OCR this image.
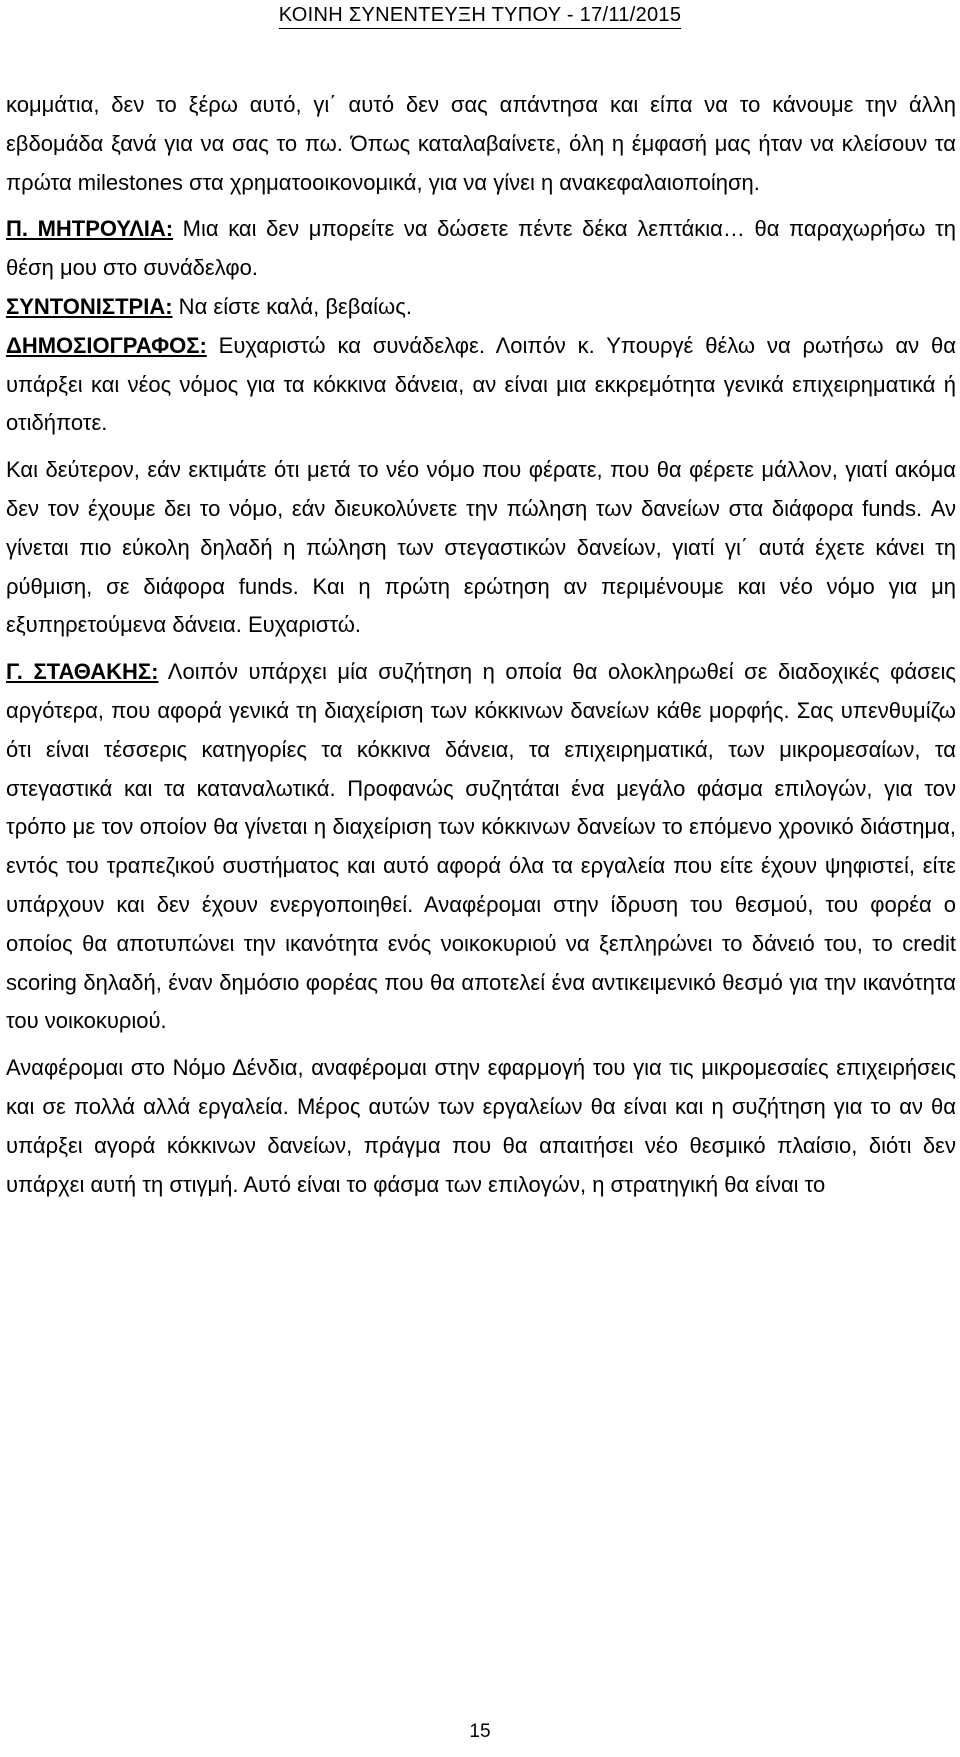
ΚΟΙΝΗ ΣΥΝΕΝΤΕΥΞΗ ΤΥΠΟΥ - 17/11/2015

κομμάτια, δεν το ξέρω αυτό, γι΄ αυτό δεν σας απάντησα και είπα να το κάνουμε την άλλη εβδομάδα ξανά για να σας το πω. Όπως καταλαβαίνετε, όλη η έμφασή μας ήταν να κλείσουν τα πρώτα milestones στα χρηματοοικονομικά, για να γίνει η ανακεφαλαιοποίηση.

Π. ΜΗΤΡΟΥΛΙΑ: Μια και δεν μπορείτε να δώσετε πέντε δέκα λεπτάκια… θα παραχωρήσω τη θέση μου στο συνάδελφο.

ΣΥΝΤΟΝΙΣΤΡΙΑ: Να είστε καλά, βεβαίως.

ΔΗΜΟΣΙΟΓΡΑΦΟΣ: Ευχαριστώ κα συνάδελφε. Λοιπόν κ. Υπουργέ θέλω να ρωτήσω αν θα υπάρξει και νέος νόμος για τα κόκκινα δάνεια, αν είναι μια εκκρεμότητα γενικά επιχειρηματικά ή οτιδήποτε.

Και δεύτερον, εάν εκτιμάτε ότι μετά το νέο νόμο που φέρατε, που θα φέρετε μάλλον, γιατί ακόμα δεν τον έχουμε δει το νόμο, εάν διευκολύνετε την πώληση των δανείων στα διάφορα funds. Αν γίνεται πιο εύκολη δηλαδή η πώληση των στεγαστικών δανείων, γιατί γι΄ αυτά έχετε κάνει τη ρύθμιση, σε διάφορα funds. Και η πρώτη ερώτηση αν περιμένουμε και νέο νόμο για μη εξυπηρετούμενα δάνεια. Ευχαριστώ.

Γ. ΣΤΑΘΑΚΗΣ: Λοιπόν υπάρχει μία συζήτηση η οποία θα ολοκληρωθεί σε διαδοχικές φάσεις αργότερα, που αφορά γενικά τη διαχείριση των κόκκινων δανείων κάθε μορφής. Σας υπενθυμίζω ότι είναι τέσσερις κατηγορίες τα κόκκινα δάνεια, τα επιχειρηματικά, των μικρομεσαίων, τα στεγαστικά και τα καταναλωτικά. Προφανώς συζητάται ένα μεγάλο φάσμα επιλογών, για τον τρόπο με τον οποίον θα γίνεται η διαχείριση των κόκκινων δανείων το επόμενο χρονικό διάστημα, εντός του τραπεζικού συστήματος και αυτό αφορά όλα τα εργαλεία που είτε έχουν ψηφιστεί, είτε υπάρχουν και δεν έχουν ενεργοποιηθεί. Αναφέρομαι στην ίδρυση του θεσμού, του φορέα ο οποίος θα αποτυπώνει την ικανότητα ενός νοικοκυριού να ξεπληρώνει το δάνειό του, το credit scoring δηλαδή, έναν δημόσιο φορέας που θα αποτελεί ένα αντικειμενικό θεσμό για την ικανότητα του νοικοκυριού.

Αναφέρομαι στο Νόμο Δένδια, αναφέρομαι στην εφαρμογή του για τις μικρομεσαίες επιχειρήσεις και σε πολλά αλλά εργαλεία. Μέρος αυτών των εργαλείων θα είναι και η συζήτηση για το αν θα υπάρξει αγορά κόκκινων δανείων, πράγμα που θα απαιτήσει νέο θεσμικό πλαίσιο, διότι δεν υπάρχει αυτή τη στιγμή. Αυτό είναι το φάσμα των επιλογών, η στρατηγική θα είναι το

15
